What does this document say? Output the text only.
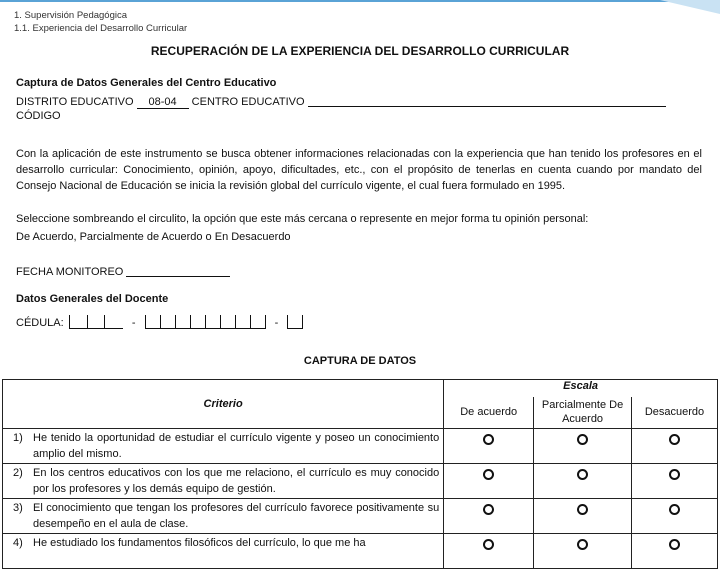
1. Supervisión Pedagógica
1.1. Experiencia del Desarrollo Curricular
RECUPERACIÓN DE LA EXPERIENCIA DEL DESARROLLO CURRICULAR
Captura de Datos Generales del Centro Educativo
DISTRITO EDUCATIVO 08-04 CENTRO EDUCATIVO
CÓDIGO
Con la aplicación de este instrumento se busca obtener informaciones relacionadas con la experiencia que han tenido los profesores en el desarrollo curricular: Conocimiento, opinión, apoyo, dificultades, etc., con el propósito de tenerlas en cuenta cuando por mandato del Consejo Nacional de Educación se inicia la revisión global del currículo vigente, el cual fuera formulado en 1995.
Seleccione sombreando el circulito, la opción que este más cercana o represente en mejor forma tu opinión personal:
De Acuerdo, Parcialmente de Acuerdo o En Desacuerdo
FECHA MONITOREO
Datos Generales del Docente
CÉDULA:	-	-
CAPTURA DE DATOS
Criterio	Escala		
	De acuerdo	Parcialmente De Acuerdo	Desacuerdo

1) He tenido la oportunidad de estudiar el currículo vigente y poseo un conocimiento amplio del mismo.			

2) En los centros educativos con los que me relaciono, el currículo es muy conocido por los profesores y los demás equipo de gestión.			

3) El conocimiento que tengan los profesores del currículo favorece positivamente su desempeño en el aula de clase.			

4) He estudiado los fundamentos filosóficos del currículo, lo que me ha			
